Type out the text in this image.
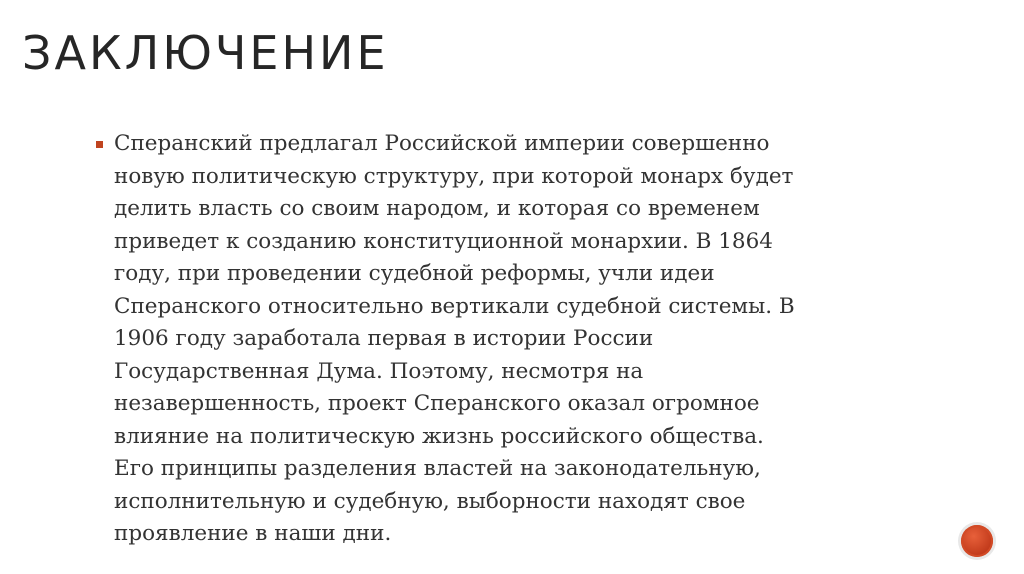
ЗАКЛЮЧЕНИЕ
Сперанский предлагал Российской империи совершенно
новую политическую структуру, при которой монарх будет
делить власть со своим народом, и которая со временем
приведет к созданию конституционной монархии. В 1864
году, при проведении судебной реформы, учли идеи
Сперанского относительно вертикали судебной системы. В
1906 году заработала первая в истории России
Государственная Дума. Поэтому, несмотря на
незавершенность, проект Сперанского оказал огромное
влияние на политическую жизнь российского общества.
Его принципы разделения властей на законодательную,
исполнительную и судебную, выборности находят свое
проявление в наши дни.
